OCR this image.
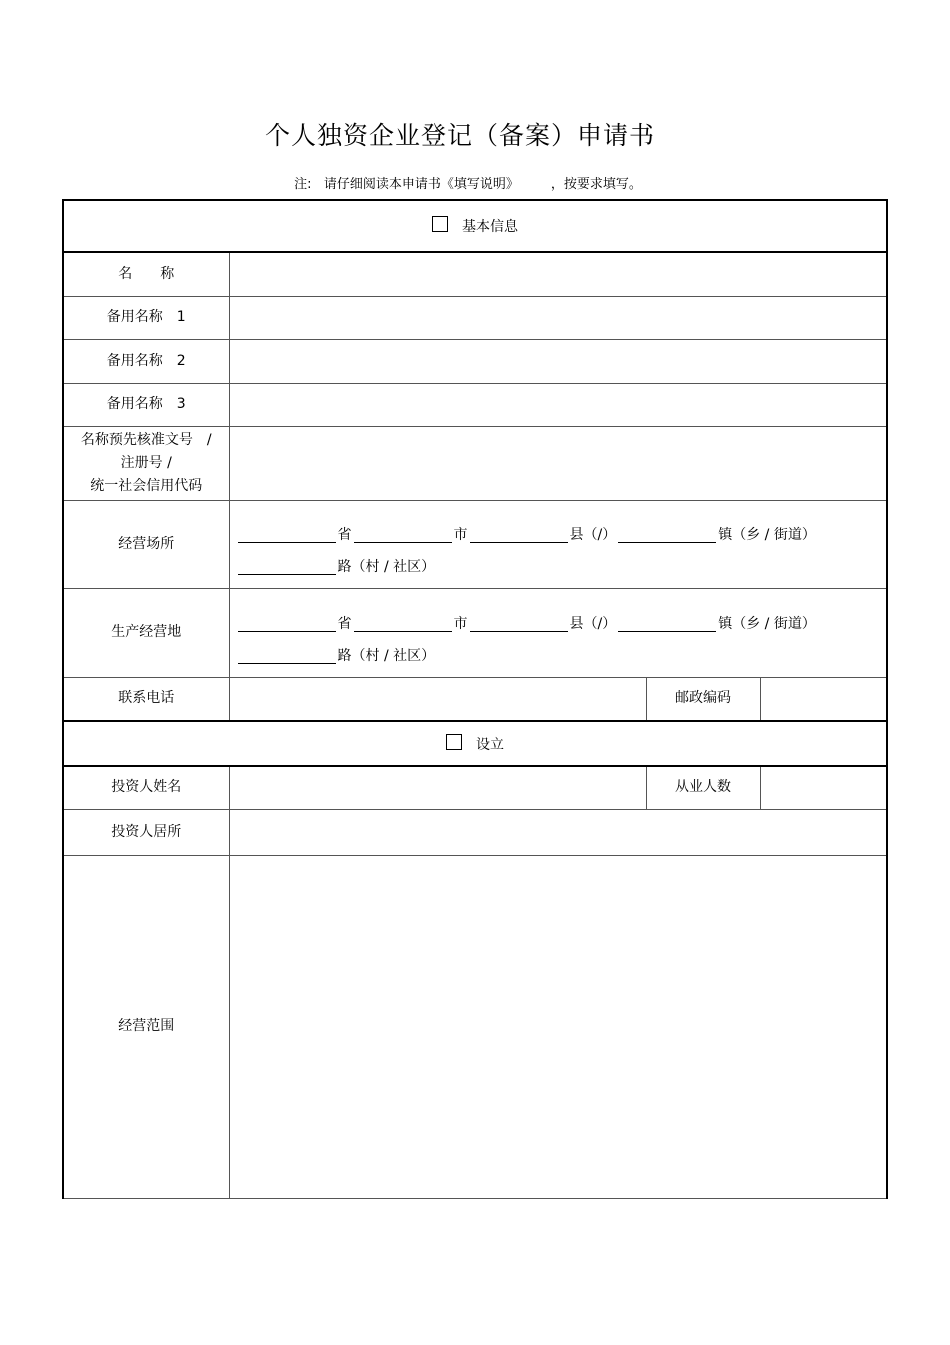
个人独资企业登记（备案）申请书
注: 请仔细阅读本申请书《填写说明》 ，按要求填写。
基本信息			
名　　称			
备用名称　1			
备用名称　2			
备用名称　3			

名称预先核准文号　/
注册号 /
统一社会信用代码			

经营场所	省 市 县（/） 镇（乡 / 街道）
路（村 / 社区）		

生产经营地	省 市 县（/） 镇（乡 / 街道）
路（村 / 社区）		

联系电话		邮政编码	
设立			
投资人姓名		从业人数	
投资人居所			
经营范围			
